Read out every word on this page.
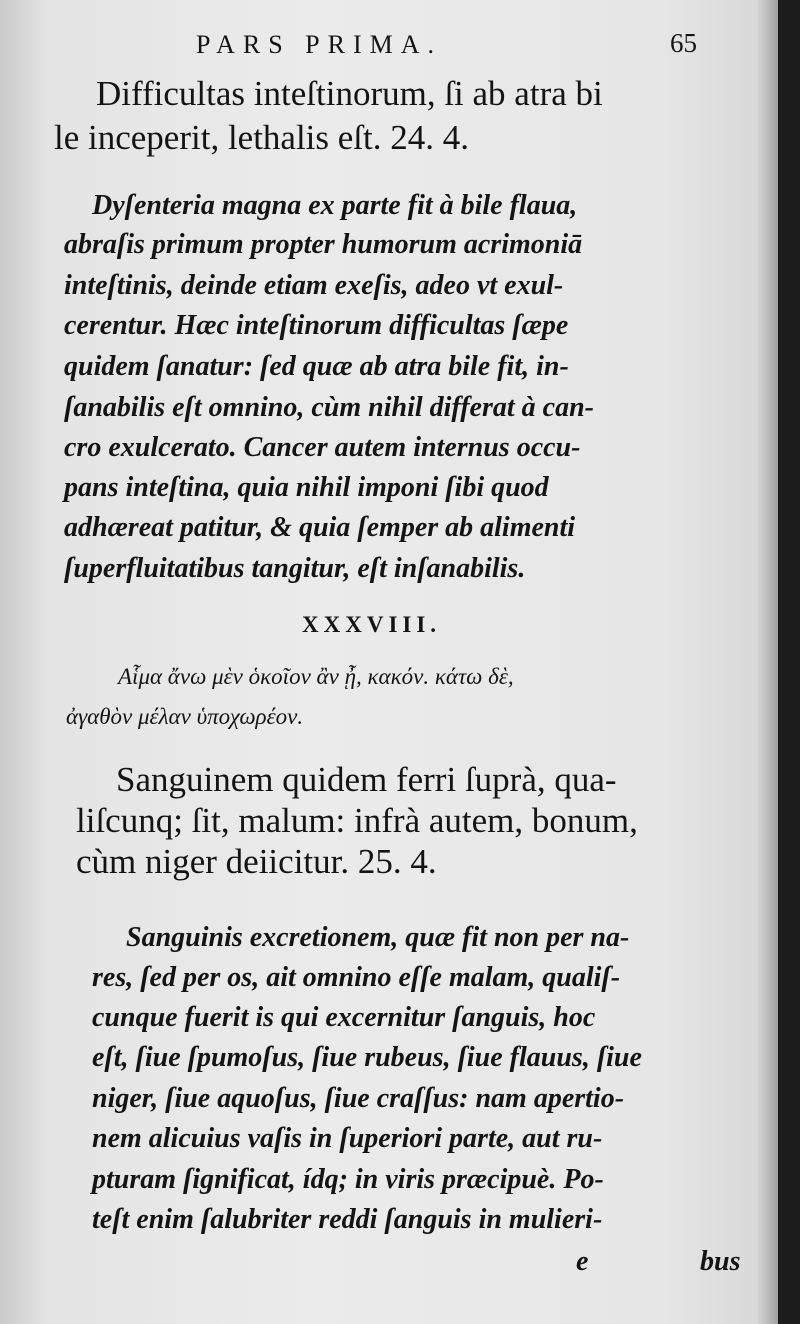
PARS PRIMA.	65
Difficultas inteſtinorum, ſi ab atra bi
le inceperit, lethalis eſt. 24. 4.
Dyſenteria magna ex parte fit à bile flaua,
abraſis primum propter humorum acrimoniā
inteſtinis, deinde etiam exeſis, adeo vt exul-
cerentur. Hæc inteſtinorum difficultas ſæpe
quidem ſanatur: ſed quæ ab atra bile fit, in-
ſanabilis eſt omnino, cùm nihil differat à can-
cro exulcerato. Cancer autem internus occu-
pans inteſtina, quia nihil imponi ſibi quod
adhæreat patitur, & quia ſemper ab alimenti
ſuperfluitatibus tangitur, eſt inſanabilis.
XXXVIII.
Αἷμα ἄνω μὲν ὁκοῖον ἂν ᾖ, κακόν. κάτω δὲ,
ἀγαθὸν μέλαν ὑποχωρέον.
Sanguinem quidem ferri ſuprà, qua-
liſcunq; ſit, malum: infrà autem, bonum,
cùm niger deiicitur. 25. 4.
Sanguinis excretionem, quæ fit non per na-
res, ſed per os, ait omnino eſſe malam, qualiſ-
cunque fuerit is qui excernitur ſanguis, hoc
eſt, ſiue ſpumoſus, ſiue rubeus, ſiue flauus, ſiue
niger, ſiue aquoſus, ſiue craſſus: nam apertio-
nem alicuius vaſis in ſuperiori parte, aut ru-
pturam ſignificat, ídq; in viris præcipuè. Po-
teſt enim ſalubriter reddi ſanguis in mulieri-
e	bus
